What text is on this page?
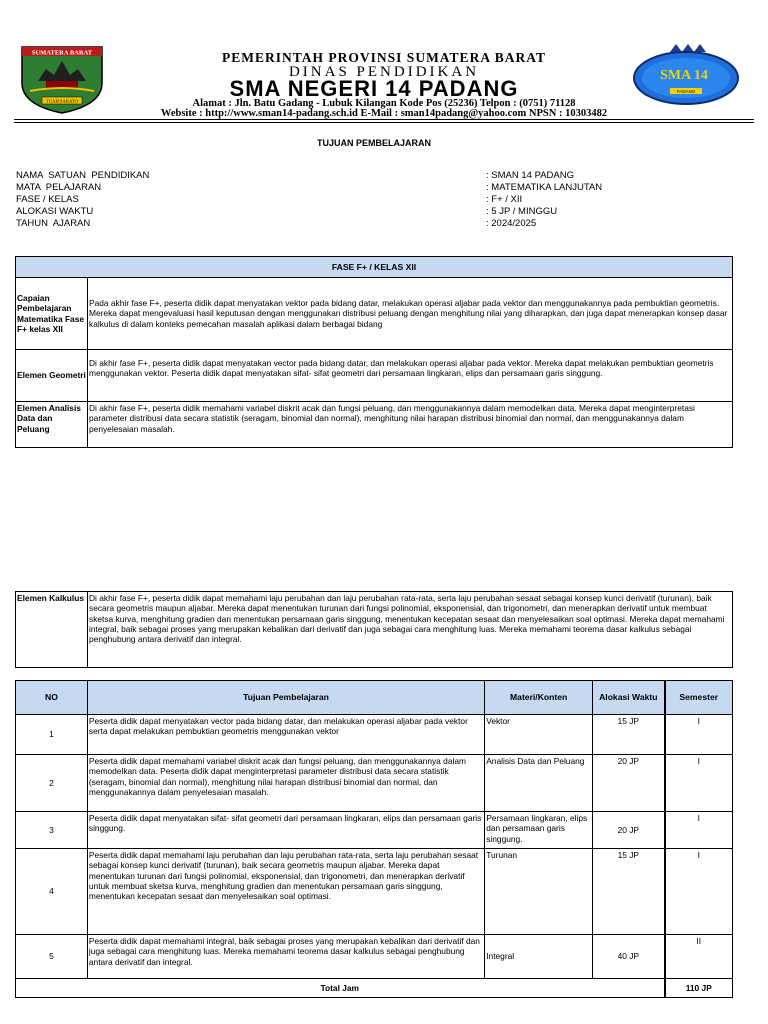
SUMATERA BARAT
TUAH SAKATO
PEMERINTAH PROVINSI SUMATERA BARAT
DINAS PENDIDIKAN
SMA NEGERI 14 PADANG
Alamat : Jln. Batu Gadang - Lubuk Kilangan Kode Pos (25236) Telpon : (0751) 71128
Website : http://www.sman14-padang.sch.id E-Mail : sman14padang@yahoo.com NPSN : 10303482
SMA 14
PADANG
TUJUAN PEMBELAJARAN
NAMA  SATUAN  PENDIDIKAN	: SMAN 14 PADANG
MATA  PELAJARAN	: MATEMATIKA LANJUTAN
FASE / KELAS	: F+ / XII
ALOKASI WAKTU	: 5 JP / MINGGU
TAHUN  AJARAN	: 2024/2025
FASE F+ / KELAS XII	
Capaian Pembelajaran Matematika Fase F+ kelas XII	Pada akhir fase F+, peserta didik dapat menyatakan vektor pada bidang datar, melakukan operasi aljabar pada vektor dan menggunakannya pada pembuktian geometris. Mereka dapat mengevaluasi hasil keputusan dengan menggunakan distribusi peluang dengan menghitung nilai yang diharapkan, dan juga dapat menerapkan konsep dasar kalkulus di dalam konteks pemecahan masalah aplikasi dalam berbagai bidang
Elemen Geometri	Di akhir fase F+, peserta didik dapat menyatakan vector pada bidang datar, dan melakukan operasi aljabar pada vektor. Mereka dapat melakukan pembuktian geometris menggunakan vektor. Peserta didik dapat menyatakan sifat- sifat geometri dari persamaan lingkaran, elips dan persamaan garis singgung.
Elemen Analisis Data dan Peluang	Di akhir fase F+, peserta didik memahami variabel diskrit acak dan fungsi peluang, dan menggunakannya dalam memodelkan data. Mereka dapat menginterpretasi parameter distribusi data secara statistik (seragam, binomial dan normal), menghitung nilai harapan distribusi binomial dan normal, dan menggunakannya dalam penyelesaian masalah.
Elemen Kalkulus	Di akhir fase F+, peserta didik dapat memahami laju perubahan dan laju perubahan rata-rata, serta laju perubahan sesaat sebagai konsep kunci derivatif (turunan), baik secara geometris maupun aljabar. Mereka dapat menentukan turunan dari fungsi polinomial, eksponensial, dan trigonometri, dan menerapkan derivatif untuk membuat sketsa kurva, menghitung gradien dan menentukan persamaan garis singgung, menentukan kecepatan sesaat dan menyelesaikan soal optimasi. Mereka dapat memahami integral, baik sebagai proses yang merupakan kebalikan dari derivatif dan juga sebagai cara menghitung luas. Mereka memahami teorema dasar kalkulus sebagai penghubung antara derivatif dan integral.
NO	Tujuan Pembelajaran	Materi/Konten	Alokasi Waktu	Semester
1	Peserta didik dapat menyatakan vector pada bidang datar, dan melakukan operasi aljabar pada vektor serta dapat melakukan pembuktian geometris menggunakan vektor	Vektor	15 JP	I
2	Peserta didik dapat memahami variabel diskrit acak dan fungsi peluang, dan menggunakannya dalam memodelkan data. Peserta didik dapat menginterpretasi parameter distribusi data secara statistik (seragam, binomial dan normal), menghitung nilai harapan distribusi binomial dan normal, dan menggunakannya dalam penyelesaian masalah.	Analisis Data dan Peluang	20 JP	I
3	Peserta didik dapat menyatakan sifat- sifat geometri dari persamaan lingkaran, elips dan persamaan garis singgung.	Persamaan lingkaran, elips dan persamaan garis singgung.	20 JP	I
4	Peserta didik dapat memahami laju perubahan dan laju perubahan rata-rata, serta laju perubahan sesaat sebagai konsep kunci derivatif (turunan), baik secara geometris maupun aljabar. Mereka dapat menentukan turunan dari fungsi polinomial, eksponensial, dan trigonometri, dan menerapkan derivatif untuk membuat sketsa kurva, menghitung gradien dan menentukan persamaan garis singgung, menentukan kecepatan sesaat dan menyelesaikan soal optimasi.	Turunan	15 JP	I
5	Peserta didik dapat memahami integral, baik sebagai proses yang merupakan kebalikan dari derivatif dan juga sebagai cara menghitung luas. Mereka memahami teorema dasar kalkulus sebagai penghubung antara derivatif dan integral.	Integral	40 JP	II
Total Jam				110 JP
